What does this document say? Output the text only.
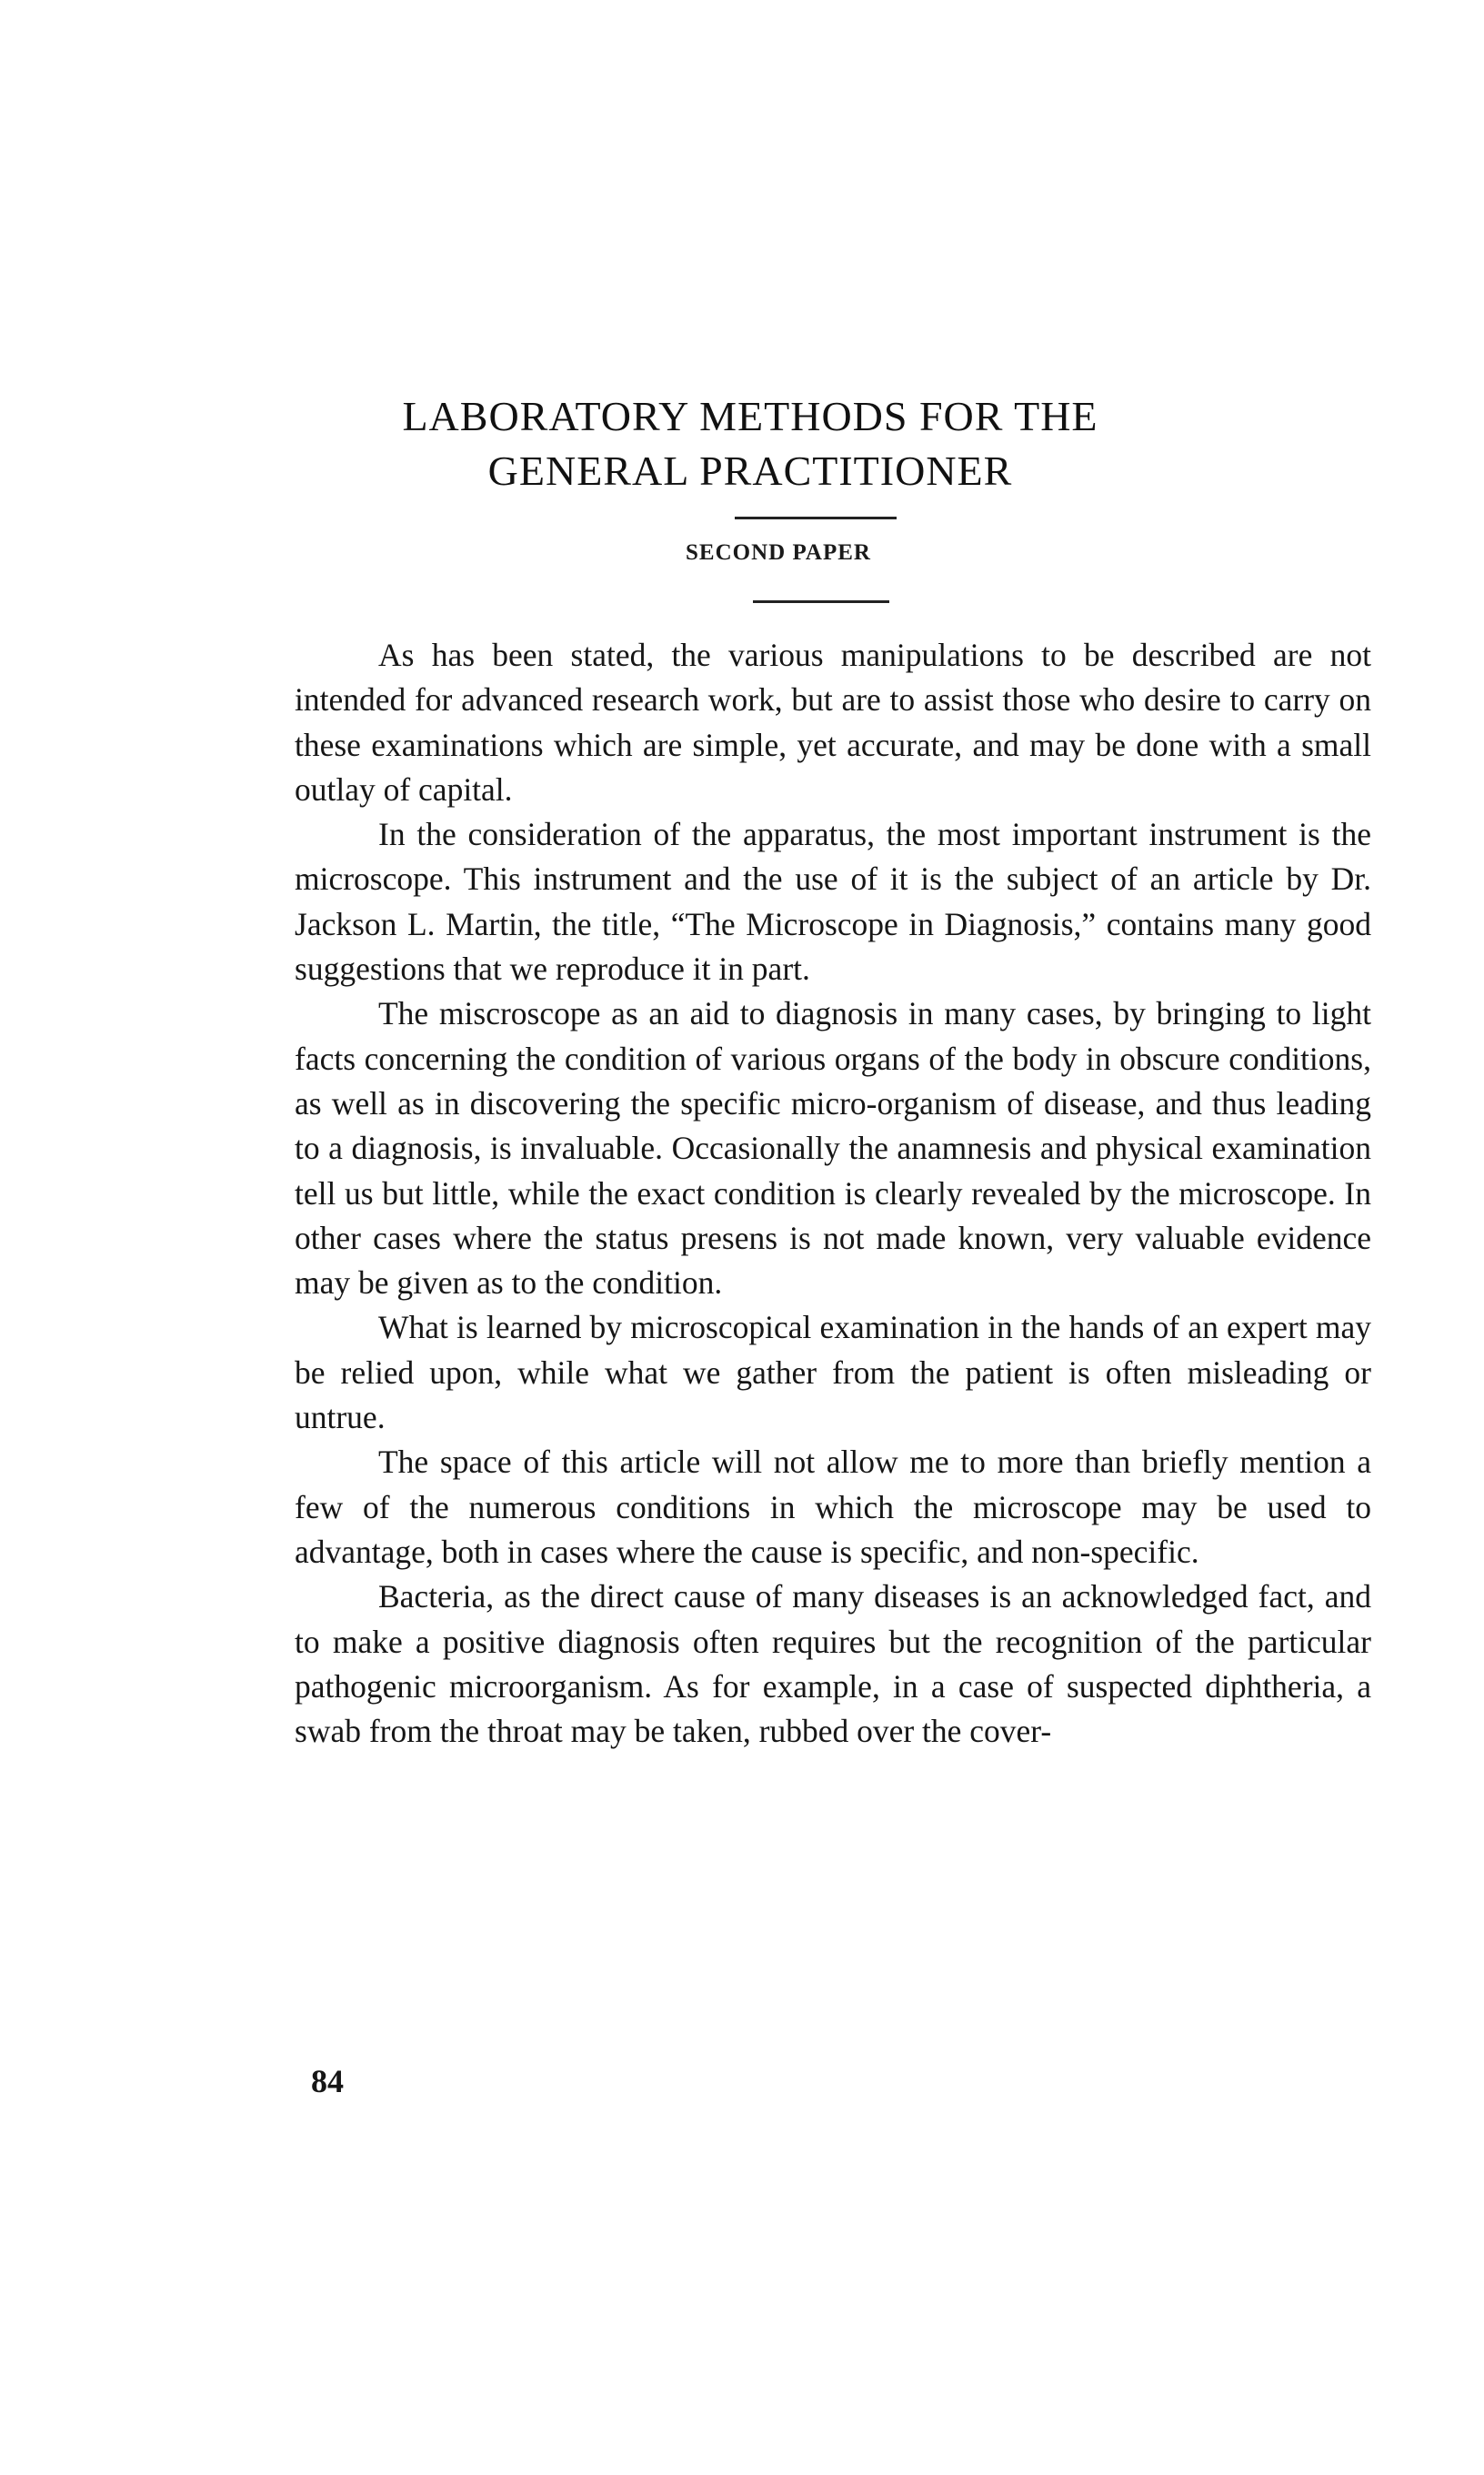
LABORATORY METHODS FOR THE
GENERAL PRACTITIONER
SECOND PAPER

As has been stated, the various manipulations to be described are not intended for advanced research work, but are to assist those who desire to carry on these examinations which are simple, yet accurate, and may be done with a small outlay of capital.

In the consideration of the apparatus, the most important instrument is the microscope. This instrument and the use of it is the subject of an article by Dr. Jackson L. Martin, the title, “The Microscope in Diagnosis,” contains many good suggestions that we reproduce it in part.

The miscroscope as an aid to diagnosis in many cases, by bringing to light facts concerning the condition of various organs of the body in obscure conditions, as well as in discovering the specific micro-organism of disease, and thus leading to a diagnosis, is invaluable. Occasionally the anamnesis and physical examination tell us but little, while the exact condition is clearly revealed by the microscope. In other cases where the status presens is not made known, very valuable evidence may be given as to the condition.

What is learned by microscopical examination in the hands of an expert may be relied upon, while what we gather from the patient is often misleading or untrue.

The space of this article will not allow me to more than briefly mention a few of the numerous conditions in which the microscope may be used to advantage, both in cases where the cause is specific, and non-specific.

Bacteria, as the direct cause of many diseases is an acknowledged fact, and to make a positive diagnosis often requires but the recognition of the particular pathogenic microorganism. As for example, in a case of suspected diphtheria, a swab from the throat may be taken, rubbed over the cover-

84
